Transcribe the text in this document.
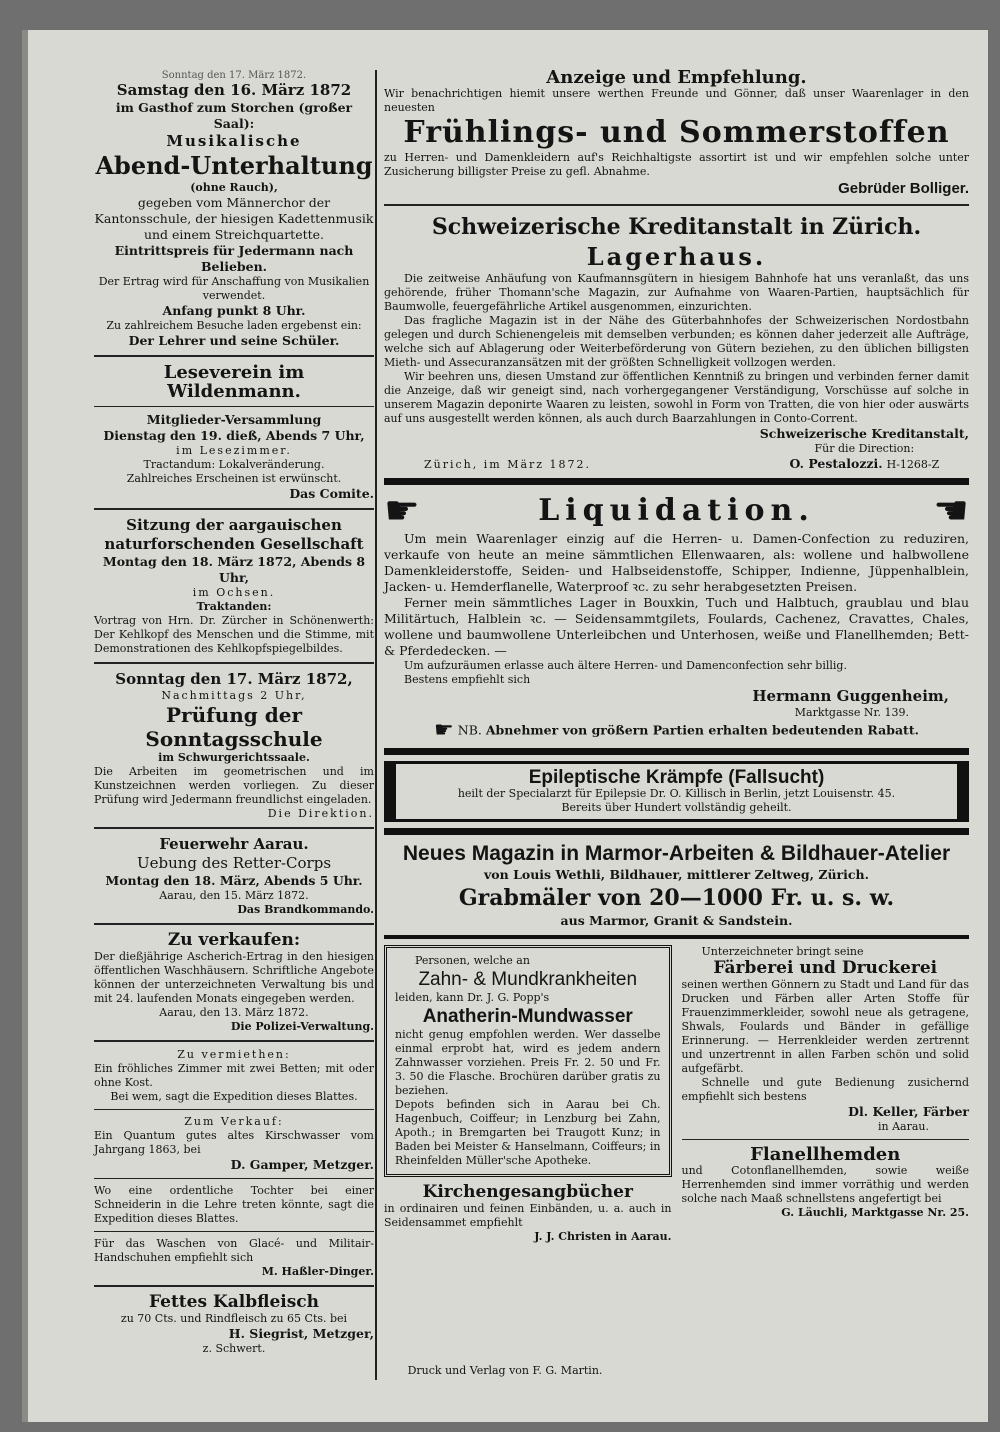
Sonntag den 17. März 1872.
Samstag den 16. März 1872
im Gasthof zum Storchen (großer Saal):
Musikalische
Abend-Unterhaltung
(ohne Rauch),
gegeben vom Männerchor der Kantonsschule, der hiesigen Kadettenmusik und einem Streichquartette.
Eintrittspreis für Jedermann nach Belieben.
Der Ertrag wird für Anschaffung von Musikalien verwendet.
Anfang punkt 8 Uhr.
Zu zahlreichem Besuche laden ergebenst ein:
Der Lehrer und seine Schüler.
Leseverein im Wildenmann.
Mitglieder-Versammlung
Dienstag den 19. dieß, Abends 7 Uhr,
im Lesezimmer.
Tractandum: Lokalveränderung.
Zahlreiches Erscheinen ist erwünscht.
Das Comite.
Sitzung der aargauischen naturforschenden Gesellschaft
Montag den 18. März 1872, Abends 8 Uhr,
im Ochsen.
Traktanden:
Vortrag von Hrn. Dr. Zürcher in Schönenwerth: Der Kehlkopf des Menschen und die Stimme, mit Demonstrationen des Kehlkopfspiegelbildes.
Sonntag den 17. März 1872,
Nachmittags 2 Uhr,
Prüfung der Sonntagsschule
im Schwurgerichtssaale.
Die Arbeiten im geometrischen und im Kunstzeichnen werden vorliegen. Zu dieser Prüfung wird Jedermann freundlichst eingeladen.
Die Direktion.
Feuerwehr Aarau.
Uebung des Retter-Corps
Montag den 18. März, Abends 5 Uhr.
Aarau, den 15. März 1872.
Das Brandkommando.
Zu verkaufen:
Der dießjährige Ascherich-Ertrag in den hiesigen öffentlichen Waschhäusern. Schriftliche Angebote können der unterzeichneten Verwaltung bis und mit 24. laufenden Monats eingegeben werden.
Aarau, den 13. März 1872.
Die Polizei-Verwaltung.
Zu vermiethen:
Ein fröhliches Zimmer mit zwei Betten; mit oder ohne Kost.
Bei wem, sagt die Expedition dieses Blattes.
Zum Verkauf:
Ein Quantum gutes altes Kirschwasser vom Jahrgang 1863, bei
D. Gamper, Metzger.
Wo eine ordentliche Tochter bei einer Schneiderin in die Lehre treten könnte, sagt die Expedition dieses Blattes.
Für das Waschen von Glacé- und Militair-Handschuhen empfiehlt sich
M. Haßler-Dinger.
Fettes Kalbfleisch
zu 70 Cts. und Rindfleisch zu 65 Cts. bei
H. Siegrist, Metzger,
z. Schwert.
Anzeige und Empfehlung.
Wir benachrichtigen hiemit unsere werthen Freunde und Gönner, daß unser Waarenlager in den neuesten
Frühlings- und Sommerstoffen
zu Herren- und Damenkleidern auf's Reichhaltigste assortirt ist und wir empfehlen solche unter Zusicherung billigster Preise zu gefl. Abnahme.
Gebrüder Bolliger.
Schweizerische Kreditanstalt in Zürich.
Lagerhaus.
Die zeitweise Anhäufung von Kaufmannsgütern in hiesigem Bahnhofe hat uns veranlaßt, das uns gehörende, früher Thomann'sche Magazin, zur Aufnahme von Waaren-Partien, hauptsächlich für Baumwolle, feuergefährliche Artikel ausgenommen, einzurichten.
Das fragliche Magazin ist in der Nähe des Güterbahnhofes der Schweizerischen Nordostbahn gelegen und durch Schienengeleis mit demselben verbunden; es können daher jederzeit alle Aufträge, welche sich auf Ablagerung oder Weiterbeförderung von Gütern beziehen, zu den üblichen billigsten Mieth- und Assecuranzansätzen mit der größten Schnelligkeit vollzogen werden.
Wir beehren uns, diesen Umstand zur öffentlichen Kenntniß zu bringen und verbinden ferner damit die Anzeige, daß wir geneigt sind, nach vorhergegangener Verständigung, Vorschüsse auf solche in unserem Magazin deponirte Waaren zu leisten, sowohl in Form von Tratten, die von hier oder auswärts auf uns ausgestellt werden können, als auch durch Baarzahlungen in Conto-Corrent.
Zürich, im März 1872.
Schweizerische Kreditanstalt,
Für die Direction:
O. Pestalozzi. H-1268-Z
☛	Liquidation.	☚
Um mein Waarenlager einzig auf die Herren- u. Damen-Confection zu reduziren, verkaufe von heute an meine sämmtlichen Ellenwaaren, als: wollene und halbwollene Damenkleiderstoffe, Seiden- und Halbseidenstoffe, Schipper, Indienne, Jüppenhalblein, Jacken- u. Hemderflanelle, Waterproof ꝛc. zu sehr herabgesetzten Preisen.
Ferner mein sämmtliches Lager in Bouxkin, Tuch und Halbtuch, graublau und blau Militärtuch, Halblein ꝛc. — Seidensammtgilets, Foulards, Cachenez, Cravattes, Chales, wollene und baumwollene Unterleibchen und Unterhosen, weiße und Flanellhemden; Bett- & Pferdedecken. —
Um aufzuräumen erlasse auch ältere Herren- und Damenconfection sehr billig.
Bestens empfiehlt sich
Hermann Guggenheim,
Marktgasse Nr. 139.
☛ NB. Abnehmer von größern Partien erhalten bedeutenden Rabatt.
Epileptische Krämpfe (Fallsucht)
heilt der Specialarzt für Epilepsie Dr. O. Killisch in Berlin, jetzt Louisenstr. 45.
Bereits über Hundert vollständig geheilt.
Neues Magazin in Marmor-Arbeiten & Bildhauer-Atelier
von Louis Wethli, Bildhauer, mittlerer Zeltweg, Zürich.
Grabmäler von 20—1000 Fr. u. s. w.
aus Marmor, Granit & Sandstein.
Personen, welche an
Zahn- & Mundkrankheiten
leiden, kann Dr. J. G. Popp's
Anatherin-Mundwasser
nicht genug empfohlen werden. Wer dasselbe einmal erprobt hat, wird es jedem andern Zahnwasser vorziehen. Preis Fr. 2. 50 und Fr. 3. 50 die Flasche. Brochüren darüber gratis zu beziehen.
Depots befinden sich in Aarau bei Ch. Hagenbuch, Coiffeur; in Lenzburg bei Zahn, Apoth.; in Bremgarten bei Traugott Kunz; in Baden bei Meister & Hanselmann, Coiffeurs; in Rheinfelden Müller'sche Apotheke.
Kirchengesangbücher
in ordinairen und feinen Einbänden, u. a. auch in Seidensammet empfiehlt
J. J. Christen in Aarau.
Unterzeichneter bringt seine
Färberei und Druckerei
seinen werthen Gönnern zu Stadt und Land für das Drucken und Färben aller Arten Stoffe für Frauenzimmerkleider, sowohl neue als getragene, Shwals, Foulards und Bänder in gefällige Erinnerung. — Herrenkleider werden zertrennt und unzertrennt in allen Farben schön und solid aufgefärbt.
Schnelle und gute Bedienung zusichernd empfiehlt sich bestens
Dl. Keller, Färber
in Aarau.
Flanellhemden
und Cotonflanellhemden, sowie weiße Herrenhemden sind immer vorräthig und werden solche nach Maaß schnellstens angefertigt bei
G. Läuchli, Marktgasse Nr. 25.
Druck und Verlag von F. G. Martin.
